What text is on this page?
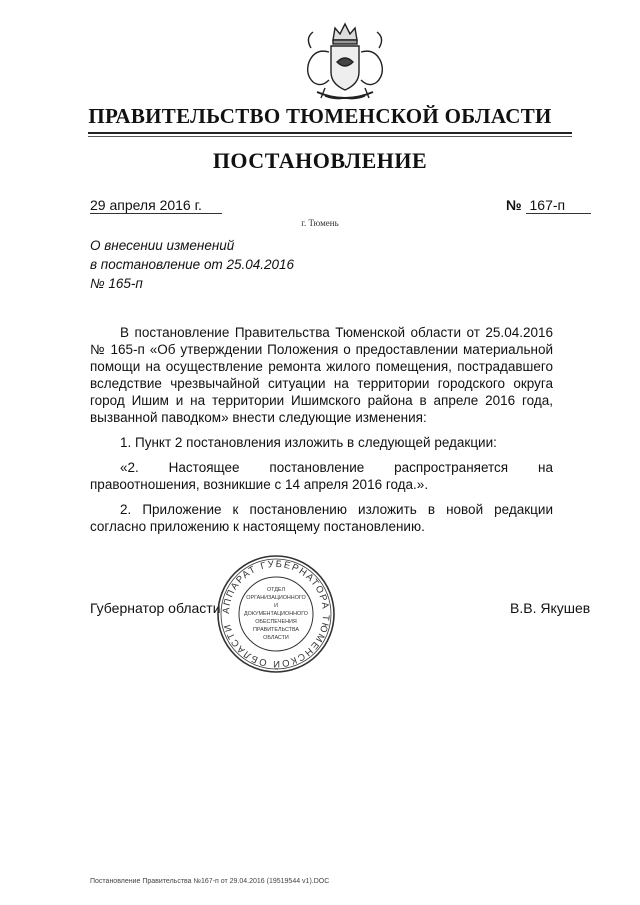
ПРАВИТЕЛЬСТВО ТЮМЕНСКОЙ ОБЛАСТИ
ПОСТАНОВЛЕНИЕ
29 апреля 2016 г.	№ 167-п
г. Тюмень
О внесении изменений
в постановление от 25.04.2016
№ 165-п

В постановление Правительства Тюменской области от 25.04.2016 № 165-п «Об утверждении Положения о предоставлении материальной помощи на осуществление ремонта жилого помещения, пострадавшего вследствие чрезвычайной ситуации на территории городского округа город Ишим и на территории Ишимского района в апреле 2016 года, вызванной паводком» внести следующие изменения:

1. Пункт 2 постановления изложить в следующей редакции:

«2. Настоящее постановление распространяется на правоотношения, возникшие с 14 апреля 2016 года.».

2. Приложение к постановлению изложить в новой редакции согласно приложению к настоящему постановлению.

Губернатор области	В.В. Якушев
АППАРАТ ГУБЕРНАТОРА ТЮМЕНСКОЙ ОБЛАСТИ
ОТДЕЛ
ОРГАНИЗАЦИОННОГО
И
ДОКУМЕНТАЦИОННОГО
ОБЕСПЕЧЕНИЯ
ПРАВИТЕЛЬСТВА
ОБЛАСТИ
Постановление Правительства №167-п от 29.04.2016 (19519544 v1).DOC
